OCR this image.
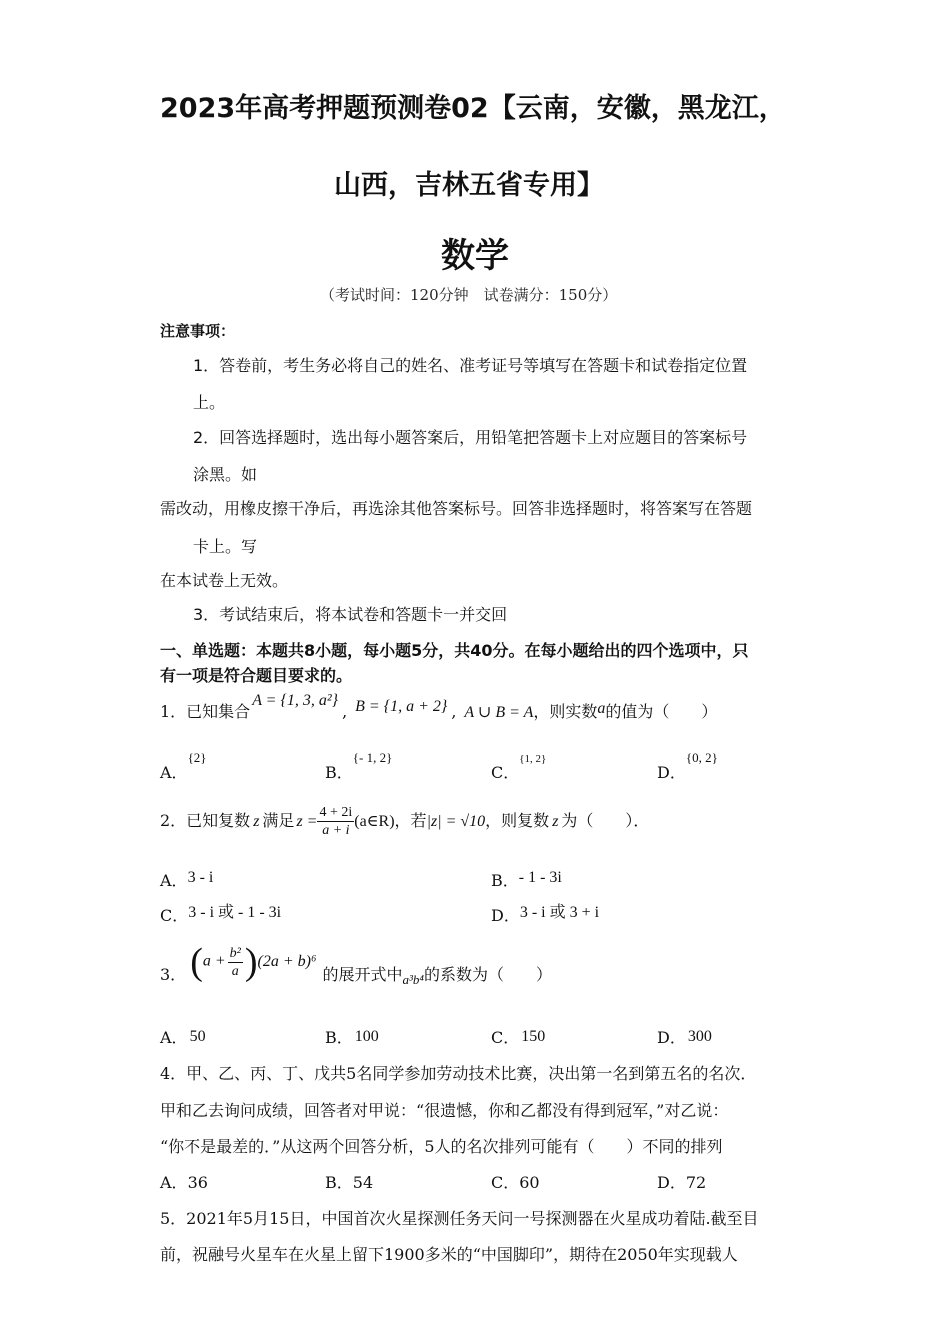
2023年高考押题预测卷02【云南，安徽，黑龙江，
山西，吉林五省专用】
数学
（考试时间：120分钟　试卷满分：150分）
注意事项：
1．答卷前，考生务必将自己的姓名、准考证号等填写在答题卡和试卷指定位置
上。
2．回答选择题时，选出每小题答案后，用铅笔把答题卡上对应题目的答案标号
涂黑。如
需改动，用橡皮擦干净后，再选涂其他答案标号。回答非选择题时，将答案写在答题
卡上。写
在本试卷上无效。
3．考试结束后，将本试卷和答题卡一并交回
一、单选题：本题共8小题，每小题5分，共40分。在每小题给出的四个选项中，只
有一项是符合题目要求的。
1．已知集合A = {1, 3, a²}, B = {1, a + 2} , A ∪ B = A，则实数a的值为（　　）
A．$^{\{2\}}$
B．$^{\{- 1, 2\}}$
C．$^{\{1, 2\}}$
D．$^{\{0, 2\}}$
2．已知复数 z 满足 $z = \frac{4 + 2i}{a + i}$ (a∈R)，若|z| = √10，则复数 z 为（　　）．
A．3 - i	B．- 1 - 3i
C．3 - i 或 - 1 - 3i	D．3 - i 或 3 + i
3． $(a + \frac{\text{b²}}{a} )(2a + b)^6$的展开式中$_{a^3b^4}$的系数为（　　）
A． 50	B． 100	C． 150	D． 300
4．甲、乙、丙、丁、戊共5名同学参加劳动技术比赛，决出第一名到第五名的名次．
甲和乙去询问成绩，回答者对甲说：“很遗憾，你和乙都没有得到冠军，”对乙说：
“你不是最差的．”从这两个回答分析，5人的名次排列可能有（　　）不同的排列
A．36	B．54	C．60	D．72
5．2021年5月15日，中国首次火星探测任务天问一号探测器在火星成功着陆.截至目
前，祝融号火星车在火星上留下1900多米的“中国脚印”，期待在2050年实现载人
